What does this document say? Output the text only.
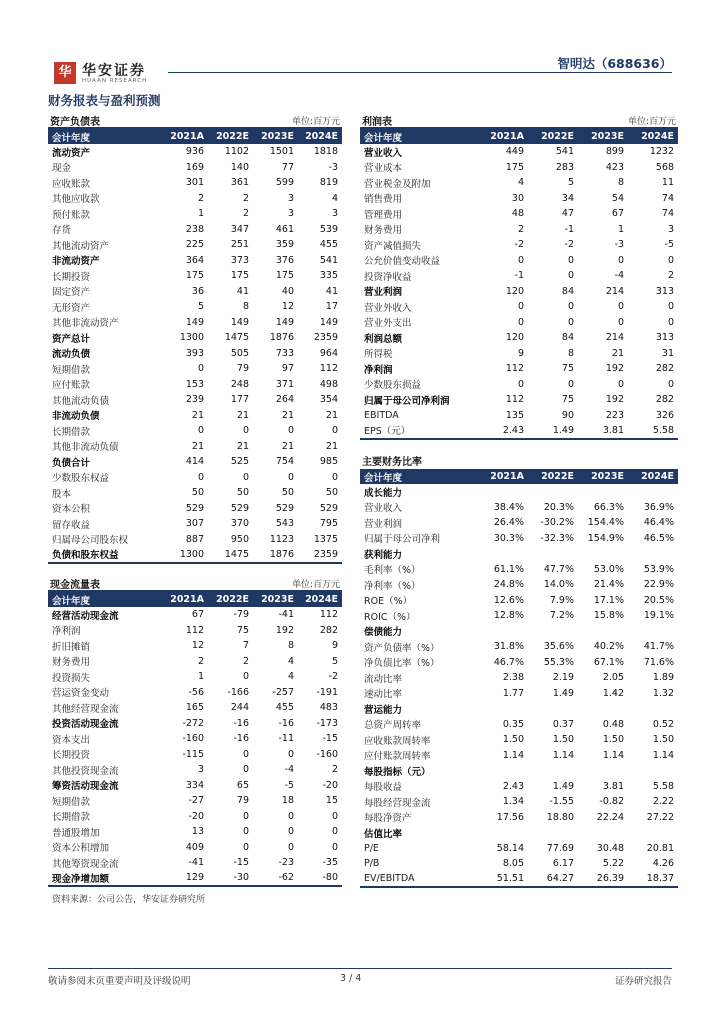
华 华安证券
HUAAN RESEARCH
智明达（688636）
财务报表与盈利预测
资产负债表	单位:百万元
会计年度	2021A	2022E	2023E	2024E
流动资产	936	1102	1501	1818
现金	169	140	77	-3
应收账款	301	361	599	819
其他应收款	2	2	3	4
预付账款	1	2	3	3
存货	238	347	461	539
其他流动资产	225	251	359	455
非流动资产	364	373	376	541
长期投资	175	175	175	335
固定资产	36	41	40	41
无形资产	5	8	12	17
其他非流动资产	149	149	149	149
资产总计	1300	1475	1876	2359
流动负债	393	505	733	964
短期借款	0	79	97	112
应付账款	153	248	371	498
其他流动负债	239	177	264	354
非流动负债	21	21	21	21
长期借款	0	0	0	0
其他非流动负债	21	21	21	21
负债合计	414	525	754	985
少数股东权益	0	0	0	0
股本	50	50	50	50
资本公积	529	529	529	529
留存收益	307	370	543	795
归属母公司股东权	887	950	1123	1375
负债和股东权益	1300	1475	1876	2359
利润表	单位:百万元
会计年度	2021A	2022E	2023E	2024E
营业收入	449	541	899	1232
营业成本	175	283	423	568
营业税金及附加	4	5	8	11
销售费用	30	34	54	74
管理费用	48	47	67	74
财务费用	2	-1	1	3
资产减值损失	-2	-2	-3	-5
公允价值变动收益	0	0	0	0
投资净收益	-1	0	-4	2
营业利润	120	84	214	313
营业外收入	0	0	0	0
营业外支出	0	0	0	0
利润总额	120	84	214	313
所得税	9	8	21	31
净利润	112	75	192	282
少数股东损益	0	0	0	0
归属于母公司净利润	112	75	192	282
EBITDA	135	90	223	326
EPS（元）	2.43	1.49	3.81	5.58
主要财务比率
会计年度	2021A	2022E	2023E	2024E
成长能力				
营业收入	38.4%	20.3%	66.3%	36.9%
营业利润	26.4%	-30.2%	154.4%	46.4%
归属于母公司净利	30.3%	-32.3%	154.9%	46.5%
获利能力				
毛利率（%）	61.1%	47.7%	53.0%	53.9%
净利率（%）	24.8%	14.0%	21.4%	22.9%
ROE（%）	12.6%	7.9%	17.1%	20.5%
ROIC（%）	12.8%	7.2%	15.8%	19.1%
偿债能力				
资产负债率（%）	31.8%	35.6%	40.2%	41.7%
净负债比率（%）	46.7%	55.3%	67.1%	71.6%
流动比率	2.38	2.19	2.05	1.89
速动比率	1.77	1.49	1.42	1.32
营运能力				
总资产周转率	0.35	0.37	0.48	0.52
应收账款周转率	1.50	1.50	1.50	1.50
应付账款周转率	1.14	1.14	1.14	1.14
每股指标（元）				
每股收益	2.43	1.49	3.81	5.58
每股经营现金流	1.34	-1.55	-0.82	2.22
每股净资产	17.56	18.80	22.24	27.22
估值比率				
P/E	58.14	77.69	30.48	20.81
P/B	8.05	6.17	5.22	4.26
EV/EBITDA	51.51	64.27	26.39	18.37
现金流量表	单位:百万元
会计年度	2021A	2022E	2023E	2024E
经营活动现金流	67	-79	-41	112
净利润	112	75	192	282
折旧摊销	12	7	8	9
财务费用	2	2	4	5
投资损失	1	0	4	-2
营运资金变动	-56	-166	-257	-191
其他经营现金流	165	244	455	483
投资活动现金流	-272	-16	-16	-173
资本支出	-160	-16	-11	-15
长期投资	-115	0	0	-160
其他投资现金流	3	0	-4	2
筹资活动现金流	334	65	-5	-20
短期借款	-27	79	18	15
长期借款	-20	0	0	0
普通股增加	13	0	0	0
资本公积增加	409	0	0	0
其他筹资现金流	-41	-15	-23	-35
现金净增加额	129	-30	-62	-80
资料来源：公司公告，华安证券研究所
敬请参阅末页重要声明及评级说明	3 / 4	证券研究报告
